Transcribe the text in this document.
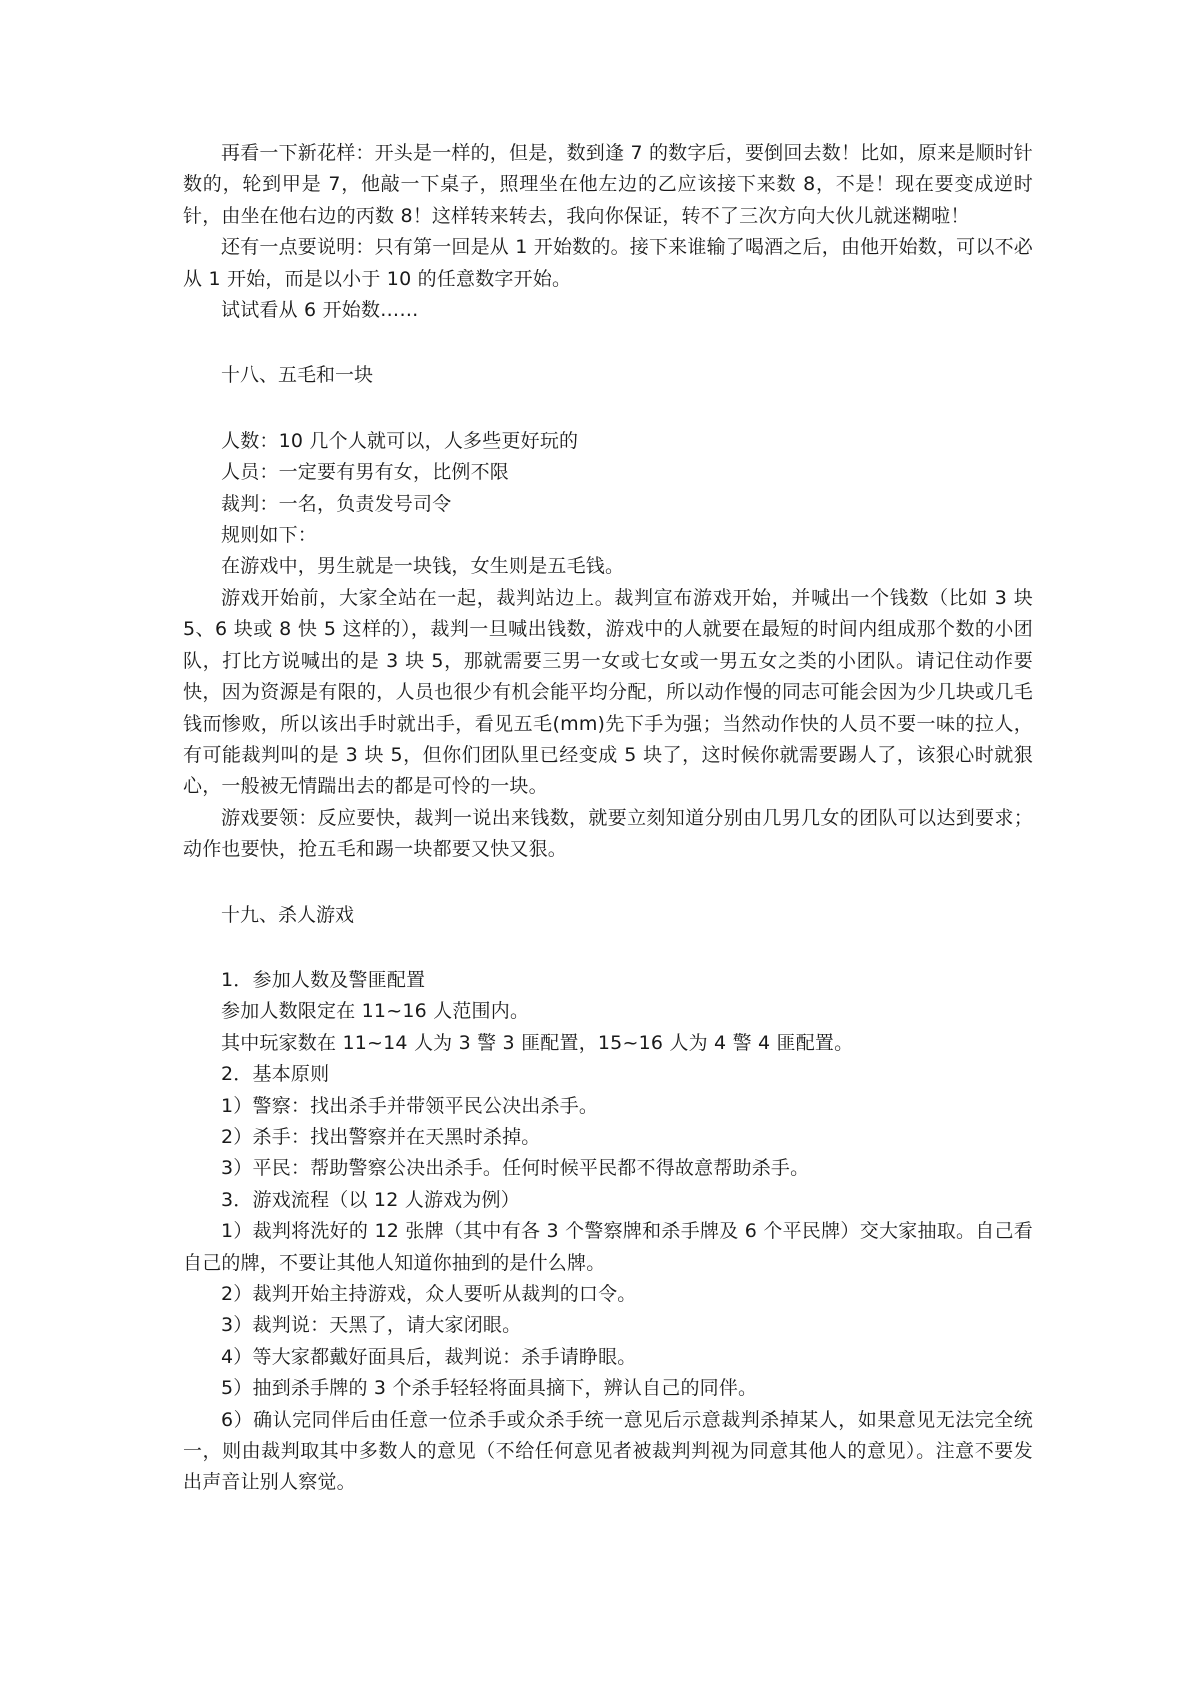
再看一下新花样：开头是一样的，但是，数到逢 7 的数字后，要倒回去数！比如，原来是顺时针数的，轮到甲是 7，他敲一下桌子，照理坐在他左边的乙应该接下来数 8，不是！现在要变成逆时针，由坐在他右边的丙数 8！这样转来转去，我向你保证，转不了三次方向大伙儿就迷糊啦！

还有一点要说明：只有第一回是从 1 开始数的。接下来谁输了喝酒之后，由他开始数，可以不必从 1 开始，而是以小于 10 的任意数字开始。

试试看从 6 开始数……

十八、五毛和一块

人数：10 几个人就可以，人多些更好玩的

人员：一定要有男有女，比例不限

裁判：一名，负责发号司令

规则如下：

在游戏中，男生就是一块钱，女生则是五毛钱。

游戏开始前，大家全站在一起，裁判站边上。裁判宣布游戏开始，并喊出一个钱数（比如 3 块 5、6 块或 8 快 5 这样的），裁判一旦喊出钱数，游戏中的人就要在最短的时间内组成那个数的小团队，打比方说喊出的是 3 块 5，那就需要三男一女或七女或一男五女之类的小团队。请记住动作要快，因为资源是有限的，人员也很少有机会能平均分配，所以动作慢的同志可能会因为少几块或几毛钱而惨败，所以该出手时就出手，看见五毛(mm)先下手为强；当然动作快的人员不要一味的拉人，有可能裁判叫的是 3 块 5，但你们团队里已经变成 5 块了，这时候你就需要踢人了，该狠心时就狠心，一般被无情踹出去的都是可怜的一块。

游戏要领：反应要快，裁判一说出来钱数，就要立刻知道分别由几男几女的团队可以达到要求；动作也要快，抢五毛和踢一块都要又快又狠。

十九、杀人游戏

1．参加人数及警匪配置

参加人数限定在 11~16 人范围内。

其中玩家数在 11~14 人为 3 警 3 匪配置，15~16 人为 4 警 4 匪配置。

2．基本原则

1）警察：找出杀手并带领平民公决出杀手。

2）杀手：找出警察并在天黑时杀掉。

3）平民：帮助警察公决出杀手。任何时候平民都不得故意帮助杀手。

3．游戏流程（以 12 人游戏为例）

1）裁判将洗好的 12 张牌（其中有各 3 个警察牌和杀手牌及 6 个平民牌）交大家抽取。自己看自己的牌，不要让其他人知道你抽到的是什么牌。

2）裁判开始主持游戏，众人要听从裁判的口令。

3）裁判说：天黑了，请大家闭眼。

4）等大家都戴好面具后，裁判说：杀手请睁眼。

5）抽到杀手牌的 3 个杀手轻轻将面具摘下，辨认自己的同伴。

6）确认完同伴后由任意一位杀手或众杀手统一意见后示意裁判杀掉某人，如果意见无法完全统一，则由裁判取其中多数人的意见（不给任何意见者被裁判判视为同意其他人的意见）。注意不要发出声音让别人察觉。
